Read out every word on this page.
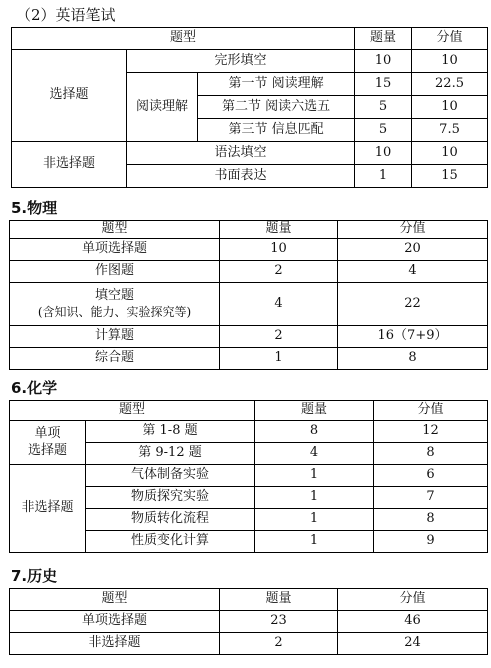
（2）英语笔试
题型			题量	分值
选择题	完形填空		10	10
	阅读理解	第一节 阅读理解	15	22.5
		第二节 阅读六选五	5	10
		第三节 信息匹配	5	7.5
非选择题	语法填空		10	10
	书面表达		1	15
5.物理
题型	题量	分值
单项选择题	10	20
作图题	2	4

填空题
(含知识、能力、实验探究等)	4	22
计算题	2	16（7+9）
综合题	1	8
6.化学
题型		题量	分值

单项
选择题	第 1-8 题	8	12
	第 9-12 题	4	8
非选择题	气体制备实验	1	6
	物质探究实验	1	7
	物质转化流程	1	8
	性质变化计算	1	9
7.历史
题型	题量	分值
单项选择题	23	46
非选择题	2	24
